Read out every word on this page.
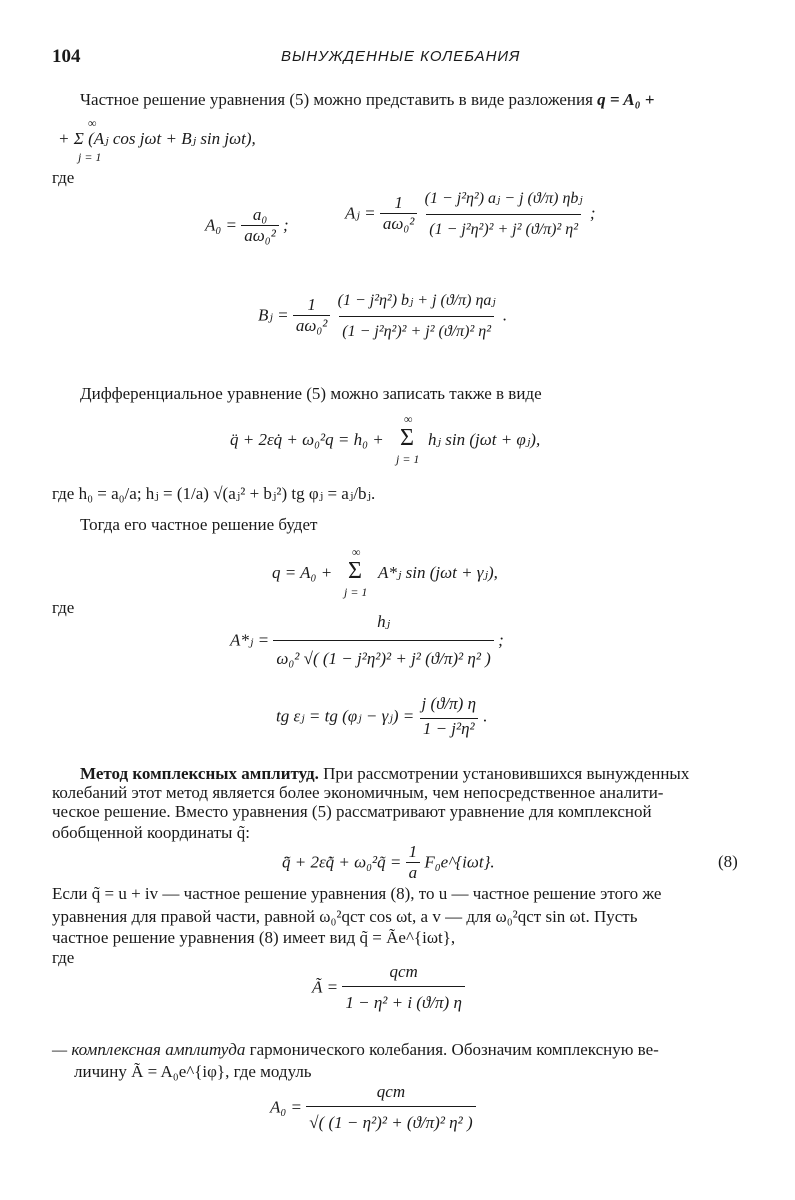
104	ВЫНУЖДЕННЫЕ КОЛЕБАНИЯ
Частное решение уравнения (5) можно представить в виде разложения q = A₀ +
∞
+ Σ (Aⱼ cos jωt + Bⱼ sin jωt),
j = 1
где
$A_0 = \frac{\text{a₀}}{\text{aω₀²}}$ ;
Aⱼ = $\frac{1}{\text{aω₀²}}$
$\frac{\text{(1 − j²η²) aⱼ − j (ϑ/π) ηbⱼ}}{\text{(1 − j²η²)² + j² (ϑ/π)² η²}}$ ;
Bⱼ = $\frac{1}{\text{aω₀²}}$
$\frac{\text{(1 − j²η²) bⱼ + j (ϑ/π) ηaⱼ}}{\text{(1 − j²η²)² + j² (ϑ/π)² η²}}$ .
Дифференциальное уравнение (5) можно записать также в виде
q̈ + 2εq̇ + ω₀²q = h₀ +
∞
Σ
j = 1
hⱼ sin (jωt + φⱼ),
где h₀ = a₀/a; hⱼ = (1/a) √(aⱼ² + bⱼ²) tg φⱼ = aⱼ/bⱼ.
Тогда его частное решение будет
q = A₀ +
∞
Σ
j = 1
A*ⱼ sin (jωt + γⱼ),
где
A*ⱼ = $\frac{\text{hⱼ}}{\text{ω₀² √( (1 − j²η²)² + j² (ϑ/π)² η² )}}$ ;
tg εⱼ = tg (φⱼ − γⱼ) = $\frac{j (ϑ/\pi) \eta}{\text{1 − j²η²}}$ .
Метод комплексных амплитуд. При рассмотрении установившихся вынужденных
колебаний этот метод является более экономичным, чем непосредственное аналити-
ческое решение. Вместо уравнения (5) рассматривают уравнение для комплексной
обобщенной координаты q̃:
q̃̈ + 2εq̃̇ + ω₀²q̃ = $\frac{1}{a}$ F₀e^{iωt}.	(8)
Если q̃ = u + iv — частное решение уравнения (8), то u — частное решение этого же
уравнения для правой части, равной ω₀²qст cos ωt, а v — для ω₀²qст sin ωt. Пусть
частное решение уравнения (8) имеет вид q̃ = Ãe^{iωt},
где
Ã = $\frac{\text{qст}}{\text{1 − η² + i (ϑ/π) η}}$
— комплексная амплитуда гармонического колебания. Обозначим комплексную ве-
личину Ã = A₀e^{iφ}, где модуль
$A_0 = \frac{\text{qст}}{\text{√( (1 − η²)² + (ϑ/π)² η² )}}$
